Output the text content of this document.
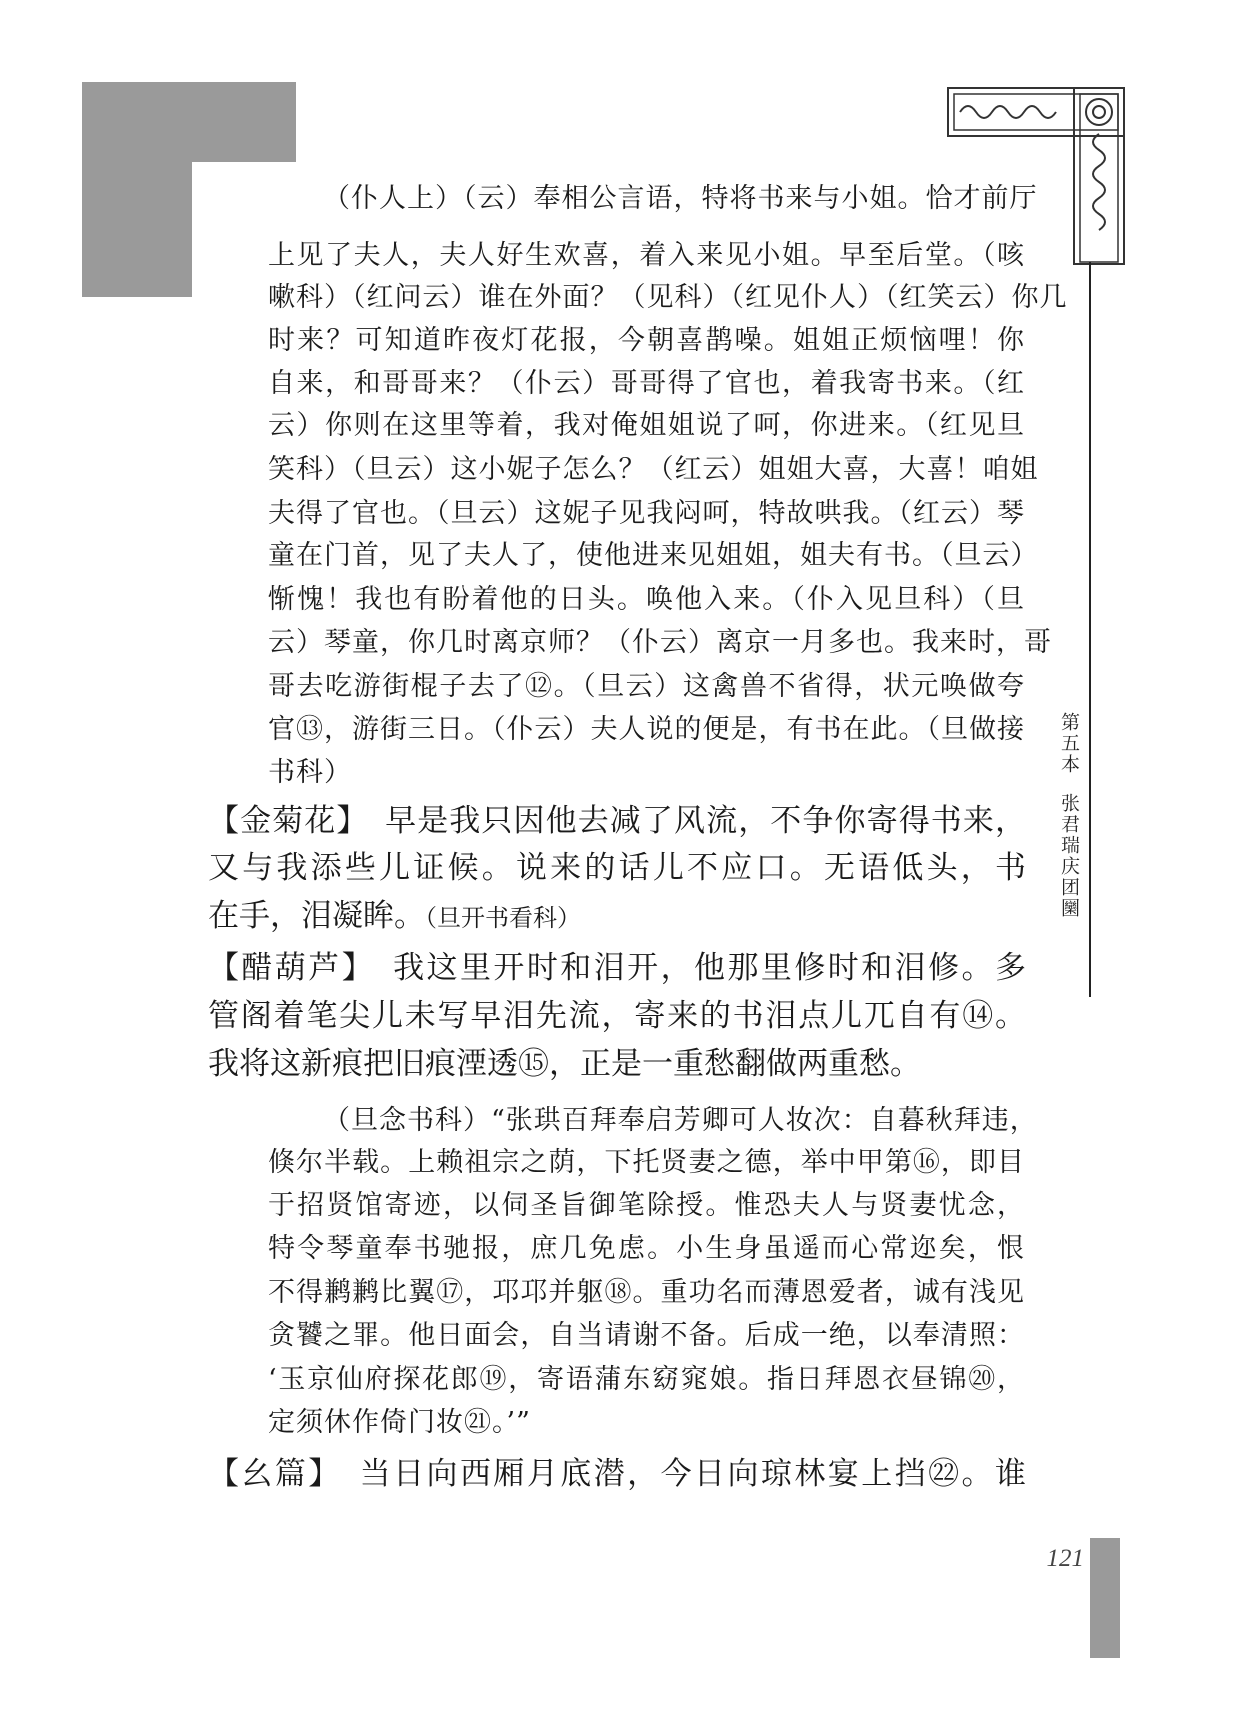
第五本张君瑞庆团圞
（仆人上）（云）奉相公言语，特将书来与小姐。恰才前厅
上见了夫人，夫人好生欢喜，着入来见小姐。早至后堂。（咳
嗽科）（红问云）谁在外面？（见科）（红见仆人）（红笑云）你几
时来？可知道昨夜灯花报，今朝喜鹊噪。姐姐正烦恼哩！你
自来，和哥哥来？（仆云）哥哥得了官也，着我寄书来。（红
云）你则在这里等着，我对俺姐姐说了呵，你进来。（红见旦
笑科）（旦云）这小妮子怎么？（红云）姐姐大喜，大喜！咱姐
夫得了官也。（旦云）这妮子见我闷呵，特故哄我。（红云）琴
童在门首，见了夫人了，使他进来见姐姐，姐夫有书。（旦云）
惭愧！我也有盼着他的日头。唤他入来。（仆入见旦科）（旦
云）琴童，你几时离京师？（仆云）离京一月多也。我来时，哥
哥去吃游街棍子去了⑫。（旦云）这禽兽不省得，状元唤做夸
官⑬，游街三日。（仆云）夫人说的便是，有书在此。（旦做接
书科）
【金菊花】　早是我只因他去减了风流，不争你寄得书来，
又与我添些儿证候。说来的话儿不应口。无语低头，书
在手，泪凝眸。（旦开书看科）
【醋葫芦】　我这里开时和泪开，他那里修时和泪修。多
管阁着笔尖儿未写早泪先流，寄来的书泪点儿兀自有⑭。
我将这新痕把旧痕湮透⑮，正是一重愁翻做两重愁。
（旦念书科）“张珙百拜奉启芳卿可人妆次：自暮秋拜违，
倏尔半载。上赖祖宗之荫，下托贤妻之德，举中甲第⑯，即目
于招贤馆寄迹，以伺圣旨御笔除授。惟恐夫人与贤妻忧念，
特令琴童奉书驰报，庶几免虑。小生身虽遥而心常迩矣，恨
不得鹣鹣比翼⑰，邛邛并躯⑱。重功名而薄恩爱者，诚有浅见
贪饕之罪。他日面会，自当请谢不备。后成一绝，以奉清照：
‘玉京仙府探花郎⑲，寄语蒲东窈窕娘。指日拜恩衣昼锦⑳，
定须休作倚门妆㉑。’”
【幺篇】　当日向西厢月底潜，今日向琼林宴上挡㉒。谁
121
